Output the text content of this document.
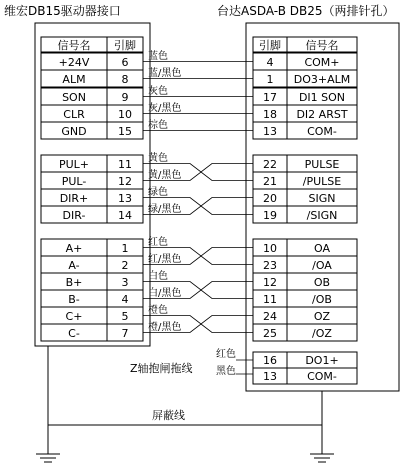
维宏DB15驱动器接口	台达ASDA-B DB25（两排针孔）
信号名 引脚	引脚 信号名
+24V	6
ALM	8
SON	9
CLR	10
GND	15
PUL+	11
PUL-	12
DIR+	13
DIR-	14
A+	1
A-	2
B+	3
B-	4
C+	5
C-	7
4	COM+
1 DO3+ALM
17 DI1 SON
18 DI2 ARST
13	COM-
22	PULSE
21 /PULSE
20	SIGN
19	/SIGN
10	OA
23	/OA
12	OB
11	/OB
24	OZ
25	/OZ
蓝色
蓝/黑色
灰色
灰/黑色
棕色
黄色
黄/黑色
绿色
绿/黑色
红色
红/黑色
白色
白/黑色
橙色
橙/黑色
Z轴抱闸拖线
红色
黑色
16	DO1+
13	COM-
屏蔽线
